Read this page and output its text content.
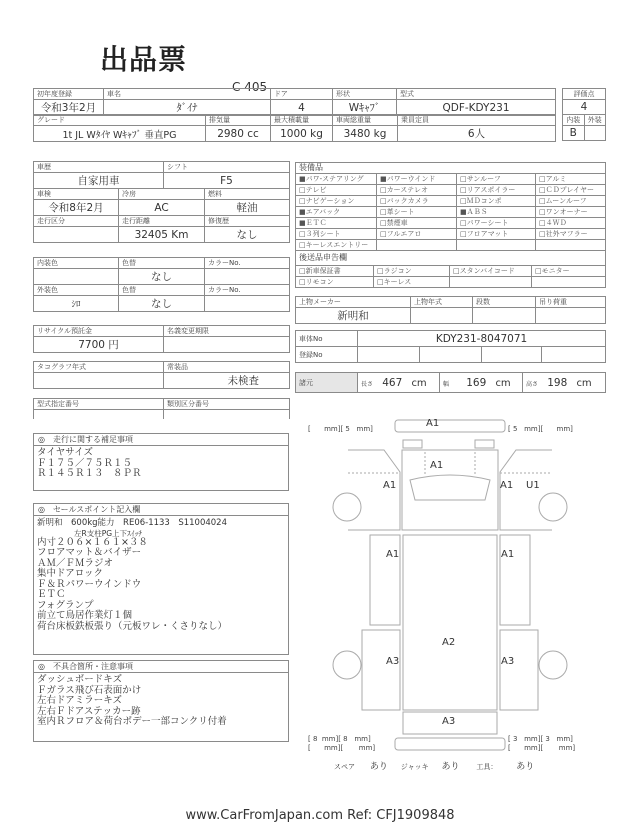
出品票
C 405
初年度登録	車名	ドア	形状	型式
令和3年2月	ﾀﾞｲﾅ	4	Wｷｬﾌﾞ	QDF-KDY231
グレード	排気量	最大積載量	車両総重量	乗員定員
1t JL Wﾀｲﾔ Wｷｬﾌﾞ 垂直PG	2980 cc	1000 kg	3480 kg	6人
評価点	
4	
内装	外装
B	
車歴		シフト	
自家用車		F5	
車検	冷房		燃料
令和8年2月	AC		軽油
走行区分	走行距離		修復歴
	32405 Km		なし
内装色	色替	カラーNo.
	なし	
外装色	色替	カラーNo.
ｼﾛ	なし	
リサイクル預託金	名義変更期限
7700 円	
タコグラフ年式	常装品
	未検査
型式指定番号	類別区分番号

装備品			
■パワ-ステアリング	■パワーウインド	□サンルーフ	□アルミ
□テレビ	□カーステレオ	□リアスポイラー	□ＣＤプレイヤー
□ナビゲーション	□バックカメラ	□ＭＤコンポ	□ムーンルーフ
■エアバック	□革シート	■ＡＢＳ	□ワンオーナー
■ＥＴＣ	□禁煙車	□パワーシート	□４ＷＤ
□３列シート	□フルエアロ	□フロアマット	□社外マフラー
□キーレスエントリー			
後送品申告欄			
□新車保証書	□ラジコン	□スタンバイコード	□モニター
□リモコン	□キーレス		
上物メーカー	上物年式	段数	吊り荷重
新明和			
車体No	KDY231-8047071			
登録No				
諸元	長さ 467 cm	幅 169 cm	高さ 198 cm
◎　走行に関する補足事項
タイヤサイズ
Ｆ１７５／７５Ｒ１５
Ｒ１４５Ｒ１３　８ＰＲ
◎　セールスポイント記入欄
新明和　600kg能力　RE06-1133　S11004024
左R支柱PG上下ｽｲｯﾁ
内寸２０６×１６１×３８
フロアマット＆バイザー
ＡＭ／ＦＭラジオ
集中ドアロック
Ｆ＆Ｒパワーウインドウ
ＥＴＣ
フォグランプ
前立て鳥居作業灯１個
荷台床板鉄板張り（元板ワレ・くさりなし）
◎　不具合箇所・注意事項
ダッシュボードキズ
Ｆガラス飛び石表面かけ
左右ドアミラーキズ
左右Ｆドアステッカー跡
室内Ｒフロア＆荷台ボデー一部コンクリ付着
A1
A1
A1	A1 U1
A1	A1
A2
A3	A3
A3
[      mm][ 5   mm]	[ 5   mm][      mm]
[ 8  mm][ 8   mm]
[      mm][       mm]
[ 3   mm][ 3   mm]
[      mm][       mm]
スペア あり ジャッキ あり 工具： あり
www.CarFromJapan.com Ref: CFJ1909848
